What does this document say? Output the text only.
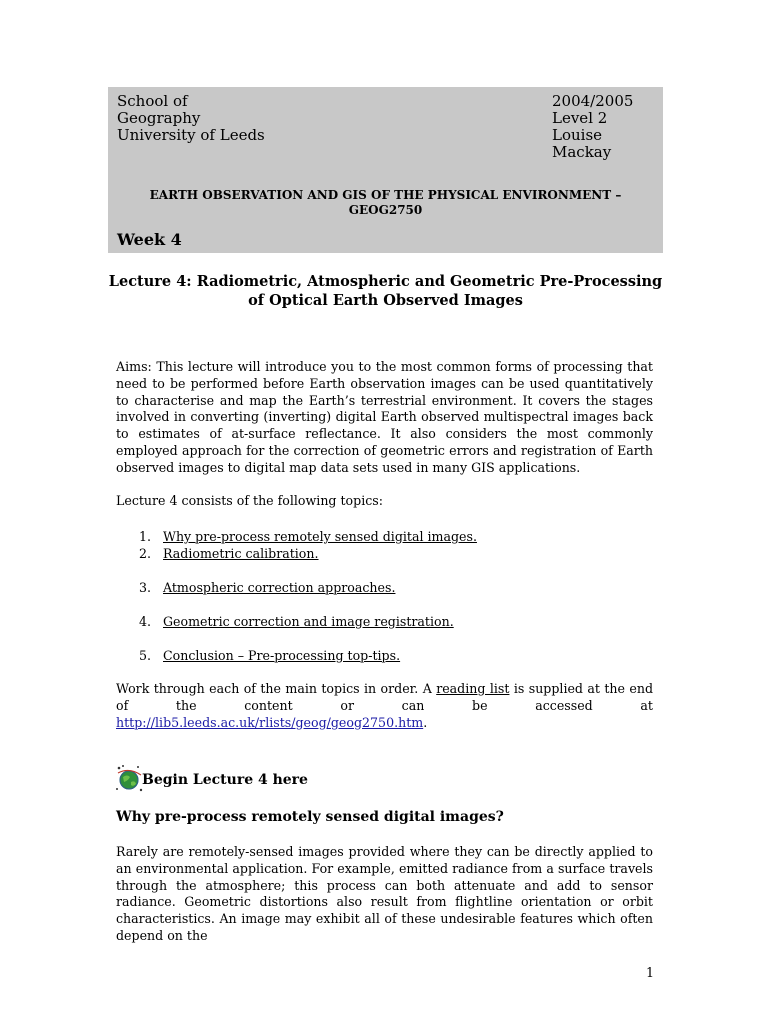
School of
Geography
University of Leeds
2004/2005
Level 2
Louise
Mackay
EARTH OBSERVATION AND GIS OF THE PHYSICAL ENVIRONMENT – GEOG2750
Week 4
Lecture 4: Radiometric, Atmospheric and Geometric Pre-Processing of Optical Earth Observed Images
Aims: This lecture will introduce you to the most common forms of processing that need to be performed before Earth observation images can be used quantitatively to characterise and map the Earth’s terrestrial environment. It covers the stages involved in converting (inverting) digital Earth observed multispectral images back to estimates of at-surface reflectance. It also considers the most commonly employed approach for the correction of geometric errors and registration of Earth observed images to digital map data sets used in many GIS applications.
Lecture 4 consists of the following topics:
1. Why pre-process remotely sensed digital images.
2. Radiometric calibration.
3. Atmospheric correction approaches.
4. Geometric correction and image registration.
5. Conclusion – Pre-processing top-tips.
Work through each of the main topics in order. A reading list is supplied at the end of the content or can be accessed at http://lib5.leeds.ac.uk/rlists/geog/geog2750.htm.
Begin Lecture 4 here
Why pre-process remotely sensed digital images?
Rarely are remotely-sensed images provided where they can be directly applied to an environmental application. For example, emitted radiance from a surface travels through the atmosphere; this process can both attenuate and add to sensor radiance. Geometric distortions also result from flightline orientation or orbit characteristics. An image may exhibit all of these undesirable features which often depend on the
1
